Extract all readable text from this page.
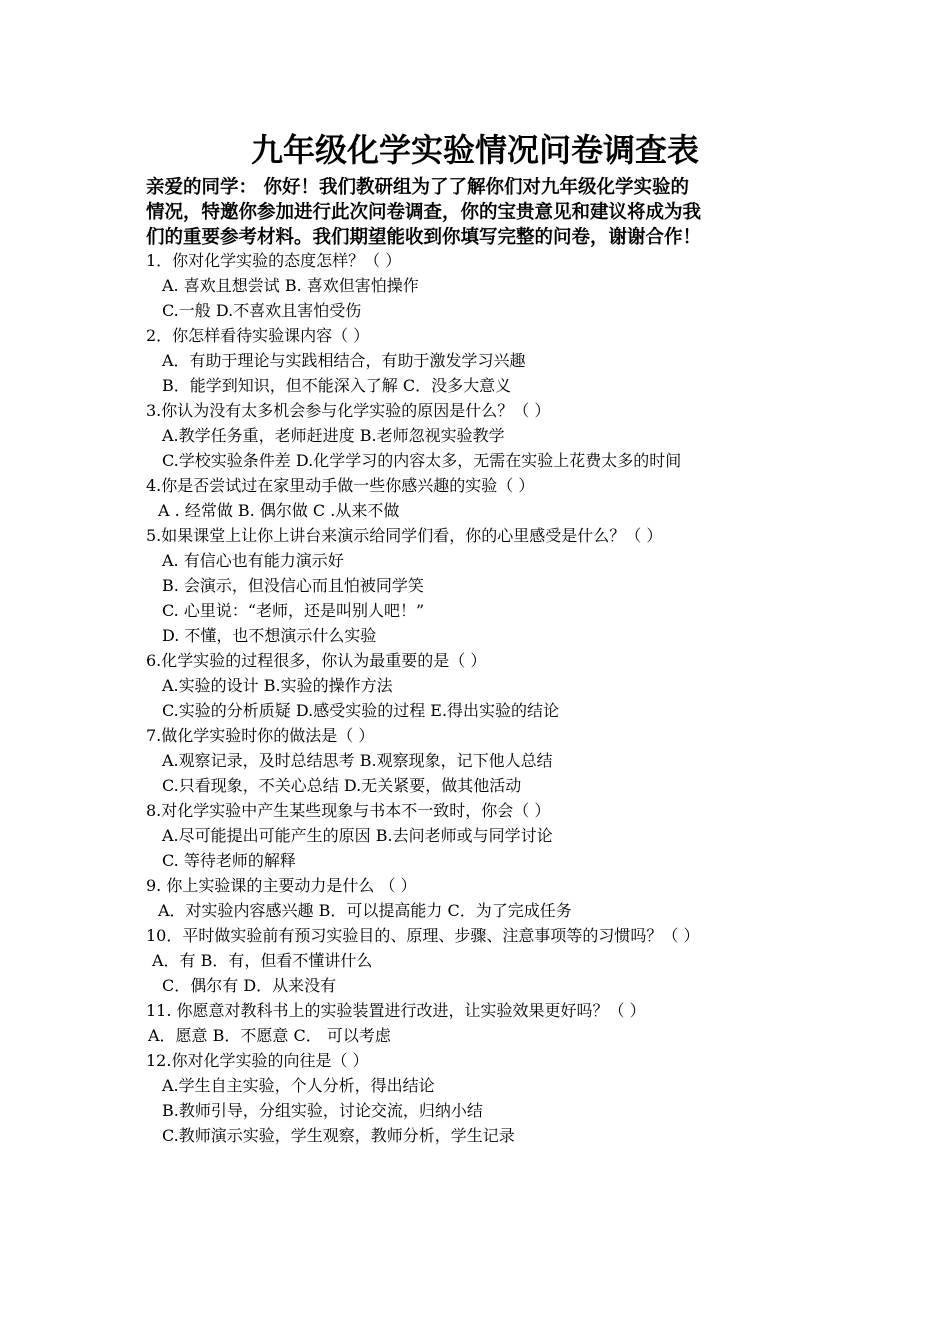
九年级化学实验情况问卷调查表
亲爱的同学： 你好！我们教研组为了了解你们对九年级化学实验的
情况，特邀你参加进行此次问卷调查，你的宝贵意见和建议将成为我
们的重要参考材料。我们期望能收到你填写完整的问卷，谢谢合作！
1．你对化学实验的态度怎样？（ ）
A. 喜欢且想尝试 B. 喜欢但害怕操作
C.一般 D.不喜欢且害怕受伤
2．你怎样看待实验课内容（ ）
A．有助于理论与实践相结合，有助于激发学习兴趣
B．能学到知识，但不能深入了解 C．没多大意义
3.你认为没有太多机会参与化学实验的原因是什么？（ ）
A.教学任务重，老师赶进度 B.老师忽视实验教学
C.学校实验条件差 D.化学学习的内容太多，无需在实验上花费太多的时间
4.你是否尝试过在家里动手做一些你感兴趣的实验（ ）
A . 经常做 B. 偶尔做 C .从来不做
5.如果课堂上让你上讲台来演示给同学们看，你的心里感受是什么？（ ）
A. 有信心也有能力演示好
B. 会演示，但没信心而且怕被同学笑
C. 心里说：“老师，还是叫别人吧！”
D. 不懂，也不想演示什么实验
6.化学实验的过程很多，你认为最重要的是（ ）
A.实验的设计 B.实验的操作方法
C.实验的分析质疑 D.感受实验的过程 E.得出实验的结论
7.做化学实验时你的做法是（ ）
A.观察记录，及时总结思考 B.观察现象，记下他人总结
C.只看现象，不关心总结 D.无关紧要，做其他活动
8.对化学实验中产生某些现象与书本不一致时，你会（ ）
A.尽可能提出可能产生的原因 B.去问老师或与同学讨论
C. 等待老师的解释
9. 你上实验课的主要动力是什么 （ ）
A．对实验内容感兴趣 B．可以提高能力 C．为了完成任务
10．平时做实验前有预习实验目的、原理、步骤、注意事项等的习惯吗？（ ）
A．有 B．有，但看不懂讲什么
C．偶尔有 D．从来没有
11. 你愿意对教科书上的实验装置进行改进，让实验效果更好吗？（ ）
A．愿意 B．不愿意 C． 可以考虑
12.你对化学实验的向往是（ ）
A.学生自主实验，个人分析，得出结论
B.教师引导，分组实验，讨论交流，归纳小结
C.教师演示实验，学生观察，教师分析，学生记录
